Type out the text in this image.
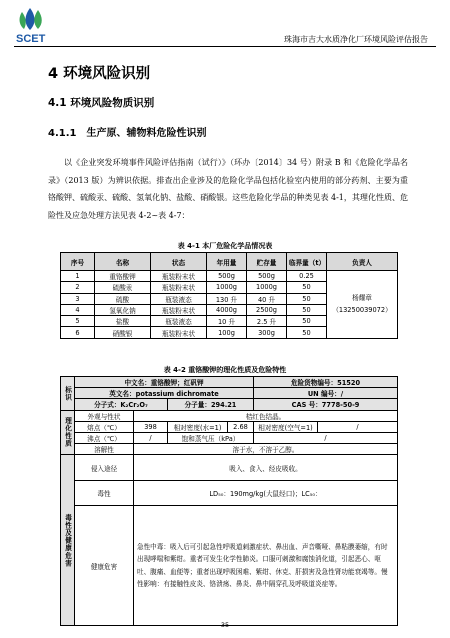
SCET	珠海市吉大水质净化厂环境风险评估报告
4 环境风险识别
4.1 环境风险物质识别
4.1.1 生产原、辅物料危险性识别
以《企业突发环境事件风险评估指南（试行）》（环办〔2014〕34 号）附录 B 和《危险化学品名录》（2013 版）为辨识依据。排查出企业涉及的危险化学品包括化验室内使用的部分药剂、主要为重铬酸钾、硫酸汞、硫酸、氢氧化钠、盐酸、硝酸银。这些危险化学品的种类见表 4-1，其理化性质、危险性及应急处理方法见表 4-2~表 4-7：
表 4-1 本厂危险化学品情况表
序号	名称	状态	年用量	贮存量	临界量（t）	负责人
1	重铬酸钾	瓶装粉末状	500g	500g	0.25	杨耀章
（13250039072）
2	硫酸汞	瓶装粉末状	1000g	1000g	50	
3	硫酸	瓶装液态	130 升	40 升	50	
4	氢氧化钠	瓶装粉末状	4000g	2500g	50	
5	盐酸	瓶装液态	10 升	2.5 升	50	
6	硝酸银	瓶装粉末状	100g	300g	50	
表 4-2 重铬酸钾的理化性质及危险特性
标识	中文名：重铬酸钾；红矾钾				危险货物编号：51520	
	英文名：potassium dichromate				UN 编号：/	
	分子式：K₂Cr₂O₇		分子量：294.21		CAS 号：7778-50-9	
理化性质	外观与性状	桔红色结晶。				
	熔点（℃）	398	相对密度(水=1)	2.68	相对密度(空气=1)	/
	沸点（℃）	/	饱和蒸气压（kPa）		/	
	溶解性	溶于水，不溶于乙醇。				
毒性及健康危害	侵入途径	吸入、食入、经皮吸收。				
	毒性	LD₅₀：190mg/kg(大鼠经口)；LC₅₀：				
	健康危害	急性中毒：吸入后可引起急性呼吸道刺激症状、鼻出血、声音嘶哑、鼻粘膜萎缩，有时出现哮喘和紫绀。重者可发生化学性肺炎。口服可刺激和腐蚀消化道，引起恶心、呕吐、腹痛、血便等；重者出现呼吸困难、紫绀、休克、肝损害及急性肾功能衰竭等。慢性影响：有接触性皮炎、铬溃疡、鼻炎、鼻中隔穿孔及呼吸道炎症等。				
35
